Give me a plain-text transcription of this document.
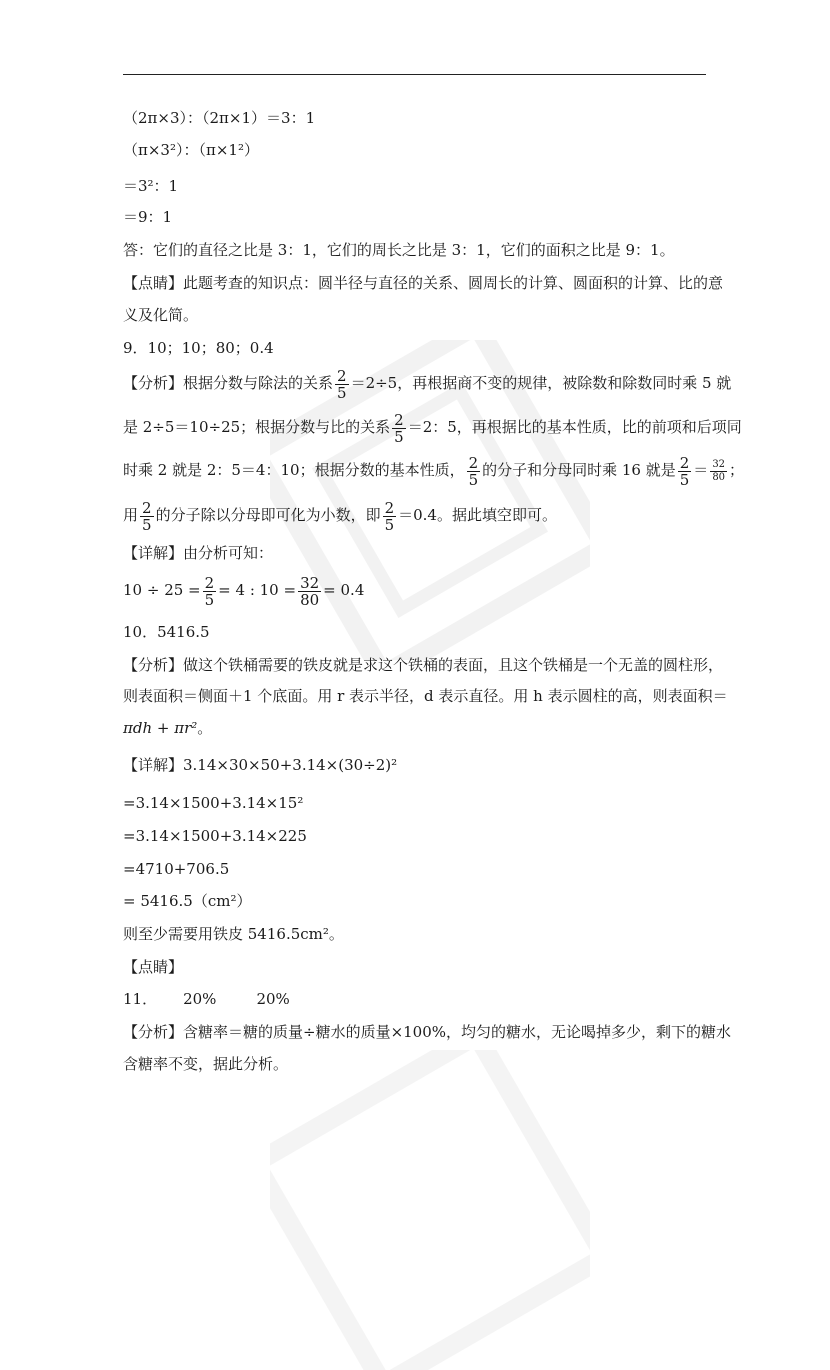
（2π×3）：（2π×1）＝3：1
（π×3²）：（π×1²）
＝3²：1
＝9：1
答：它们的直径之比是 3：1，它们的周长之比是 3：1，它们的面积之比是 9：1。
【点睛】此题考查的知识点：圆半径与直径的关系、圆周长的计算、圆面积的计算、比的意
义及化简。
9．10；10；80；0.4
【分析】根据分数与除法的关系 $\frac{2}{5} =2\div 5$，再根据商不变的规律，被除数和除数同时乘 5 就
是 2÷5＝10÷25；根据分数与比的关系 $\frac{2}{5} =2$：5，再根据比的基本性质，比的前项和后项同
时乘 2 就是 2：5＝4：10；根据分数的基本性质， $\frac{2}{5}$ 的分子和分母同时乘 16 就是 $\frac{2}{5} = \frac{32}{80}$ ；
用 $\frac{2}{5}$ 的分子除以分母即可化为小数，即 $\frac{2}{5} =0.4$。据此填空即可。
【详解】由分析可知：
$10 \div 25 = \frac{2}{5} = 4$ : $10 = \frac{32}{80} = 0.4$
10．5416.5
【分析】做这个铁桶需要的铁皮就是求这个铁桶的表面，且这个铁桶是一个无盖的圆柱形，
则表面积＝侧面＋1 个底面。用 r 表示半径，d 表示直径。用 h 表示圆柱的高，则表面积＝
πdh + πr²。
【详解】3.14×30×50+3.14×(30÷2)²
=3.14×1500+3.14×15²
=3.14×1500+3.14×225
=4710+706.5
= 5416.5（cm²）
则至少需要用铁皮 5416.5cm²。
【点睛】
11． 20%	20%
【分析】含糖率＝糖的质量÷糖水的质量×100%，均匀的糖水，无论喝掉多少，剩下的糖水
含糖率不变，据此分析。
